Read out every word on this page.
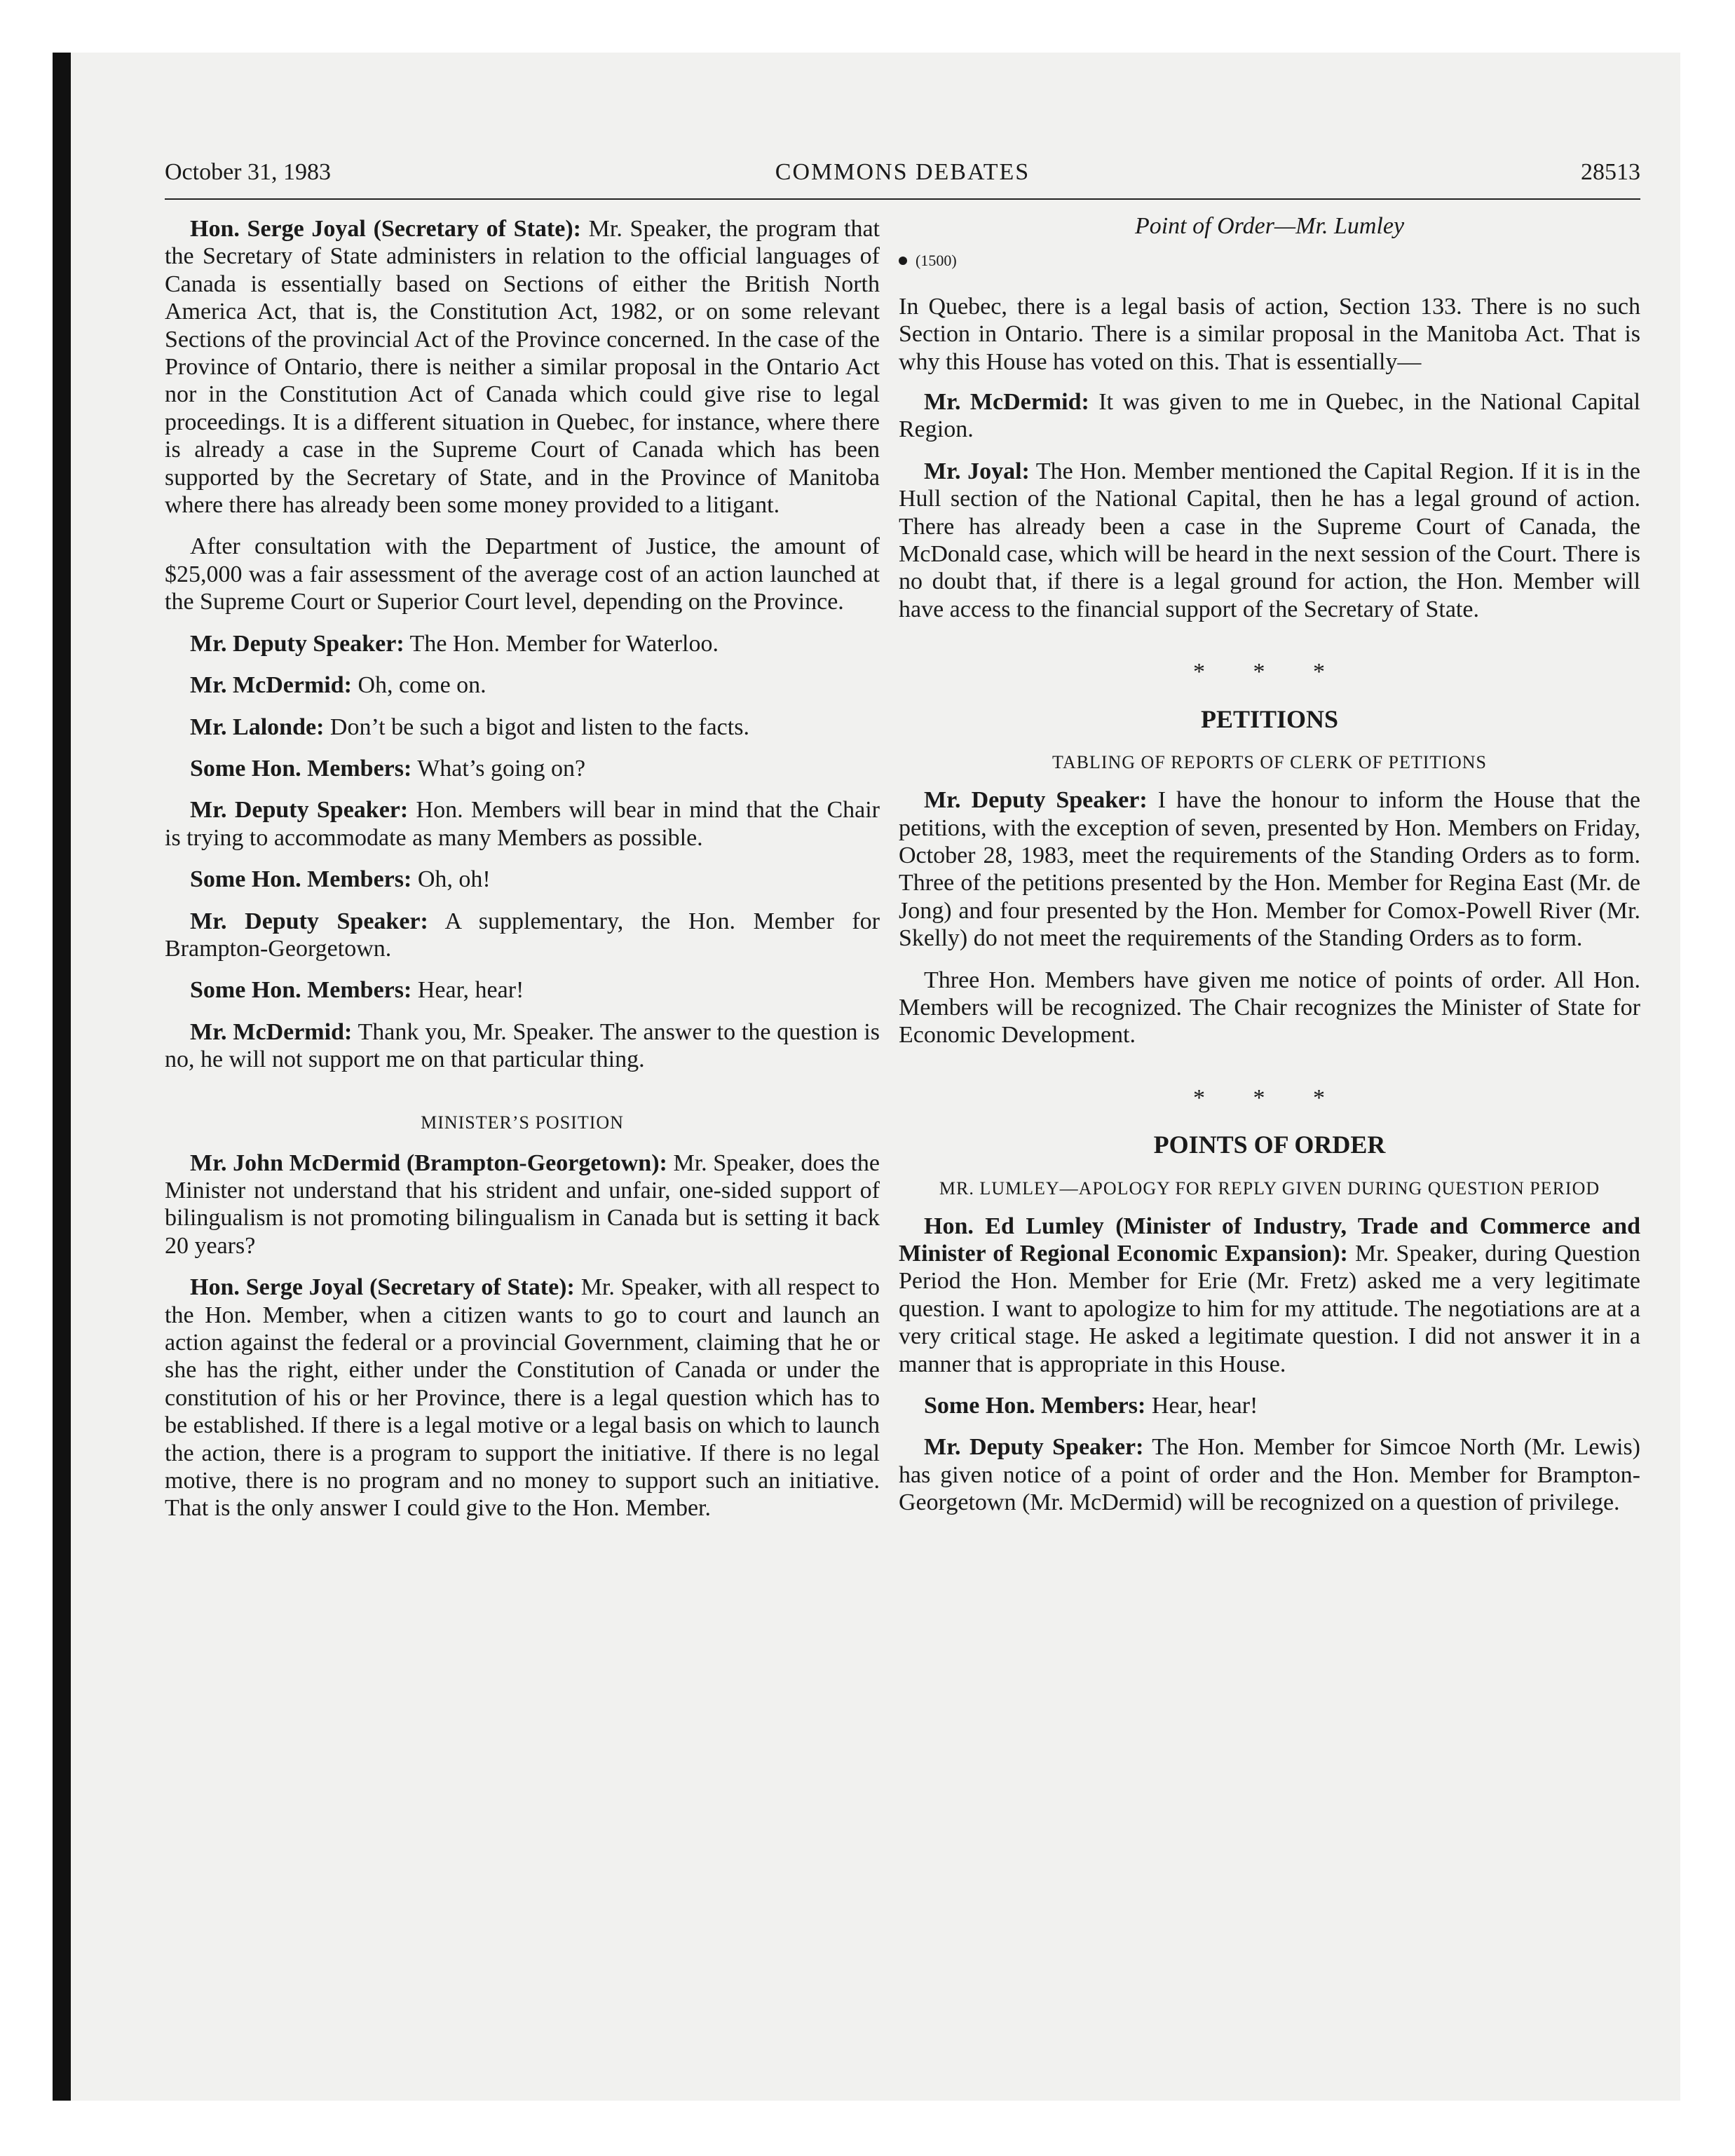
October 31, 1983	COMMONS DEBATES	28513

Hon. Serge Joyal (Secretary of State): Mr. Speaker, the program that the Secretary of State administers in relation to the official languages of Canada is essentially based on Sections of either the British North America Act, that is, the Constitution Act, 1982, or on some relevant Sections of the provincial Act of the Province concerned. In the case of the Province of Ontario, there is neither a similar proposal in the Ontario Act nor in the Constitution Act of Canada which could give rise to legal proceedings. It is a different situation in Quebec, for instance, where there is already a case in the Supreme Court of Canada which has been supported by the Secretary of State, and in the Province of Manitoba where there has already been some money provided to a litigant.

After consultation with the Department of Justice, the amount of $25,000 was a fair assessment of the average cost of an action launched at the Supreme Court or Superior Court level, depending on the Province.

Mr. Deputy Speaker: The Hon. Member for Waterloo.

Mr. McDermid: Oh, come on.

Mr. Lalonde: Don’t be such a bigot and listen to the facts.

Some Hon. Members: What’s going on?

Mr. Deputy Speaker: Hon. Members will bear in mind that the Chair is trying to accommodate as many Members as possible.

Some Hon. Members: Oh, oh!

Mr. Deputy Speaker: A supplementary, the Hon. Member for Brampton-Georgetown.

Some Hon. Members: Hear, hear!

Mr. McDermid: Thank you, Mr. Speaker. The answer to the question is no, he will not support me on that particular thing.

MINISTER’S POSITION

Mr. John McDermid (Brampton-Georgetown): Mr. Speaker, does the Minister not understand that his strident and unfair, one-sided support of bilingualism is not promoting bilingualism in Canada but is setting it back 20 years?

Hon. Serge Joyal (Secretary of State): Mr. Speaker, with all respect to the Hon. Member, when a citizen wants to go to court and launch an action against the federal or a provincial Government, claiming that he or she has the right, either under the Constitution of Canada or under the constitution of his or her Province, there is a legal question which has to be established. If there is a legal motive or a legal basis on which to launch the action, there is a program to support the initiative. If there is no legal motive, there is no program and no money to support such an initiative. That is the only answer I could give to the Hon. Member.

Point of Order—Mr. Lumley
(1500)

In Quebec, there is a legal basis of action, Section 133. There is no such Section in Ontario. There is a similar proposal in the Manitoba Act. That is why this House has voted on this. That is essentially—

Mr. McDermid: It was given to me in Quebec, in the National Capital Region.

Mr. Joyal: The Hon. Member mentioned the Capital Region. If it is in the Hull section of the National Capital, then he has a legal ground of action. There has already been a case in the Supreme Court of Canada, the McDonald case, which will be heard in the next session of the Court. There is no doubt that, if there is a legal ground for action, the Hon. Member will have access to the financial support of the Secretary of State.

* * *
PETITIONS
TABLING OF REPORTS OF CLERK OF PETITIONS

Mr. Deputy Speaker: I have the honour to inform the House that the petitions, with the exception of seven, presented by Hon. Members on Friday, October 28, 1983, meet the requirements of the Standing Orders as to form. Three of the petitions presented by the Hon. Member for Regina East (Mr. de Jong) and four presented by the Hon. Member for Comox-Powell River (Mr. Skelly) do not meet the requirements of the Standing Orders as to form.

Three Hon. Members have given me notice of points of order. All Hon. Members will be recognized. The Chair recognizes the Minister of State for Economic Development.

* * *
POINTS OF ORDER
MR. LUMLEY—APOLOGY FOR REPLY GIVEN DURING QUESTION PERIOD

Hon. Ed Lumley (Minister of Industry, Trade and Commerce and Minister of Regional Economic Expansion): Mr. Speaker, during Question Period the Hon. Member for Erie (Mr. Fretz) asked me a very legitimate question. I want to apologize to him for my attitude. The negotiations are at a very critical stage. He asked a legitimate question. I did not answer it in a manner that is appropriate in this House.

Some Hon. Members: Hear, hear!

Mr. Deputy Speaker: The Hon. Member for Simcoe North (Mr. Lewis) has given notice of a point of order and the Hon. Member for Brampton-Georgetown (Mr. McDermid) will be recognized on a question of privilege.
